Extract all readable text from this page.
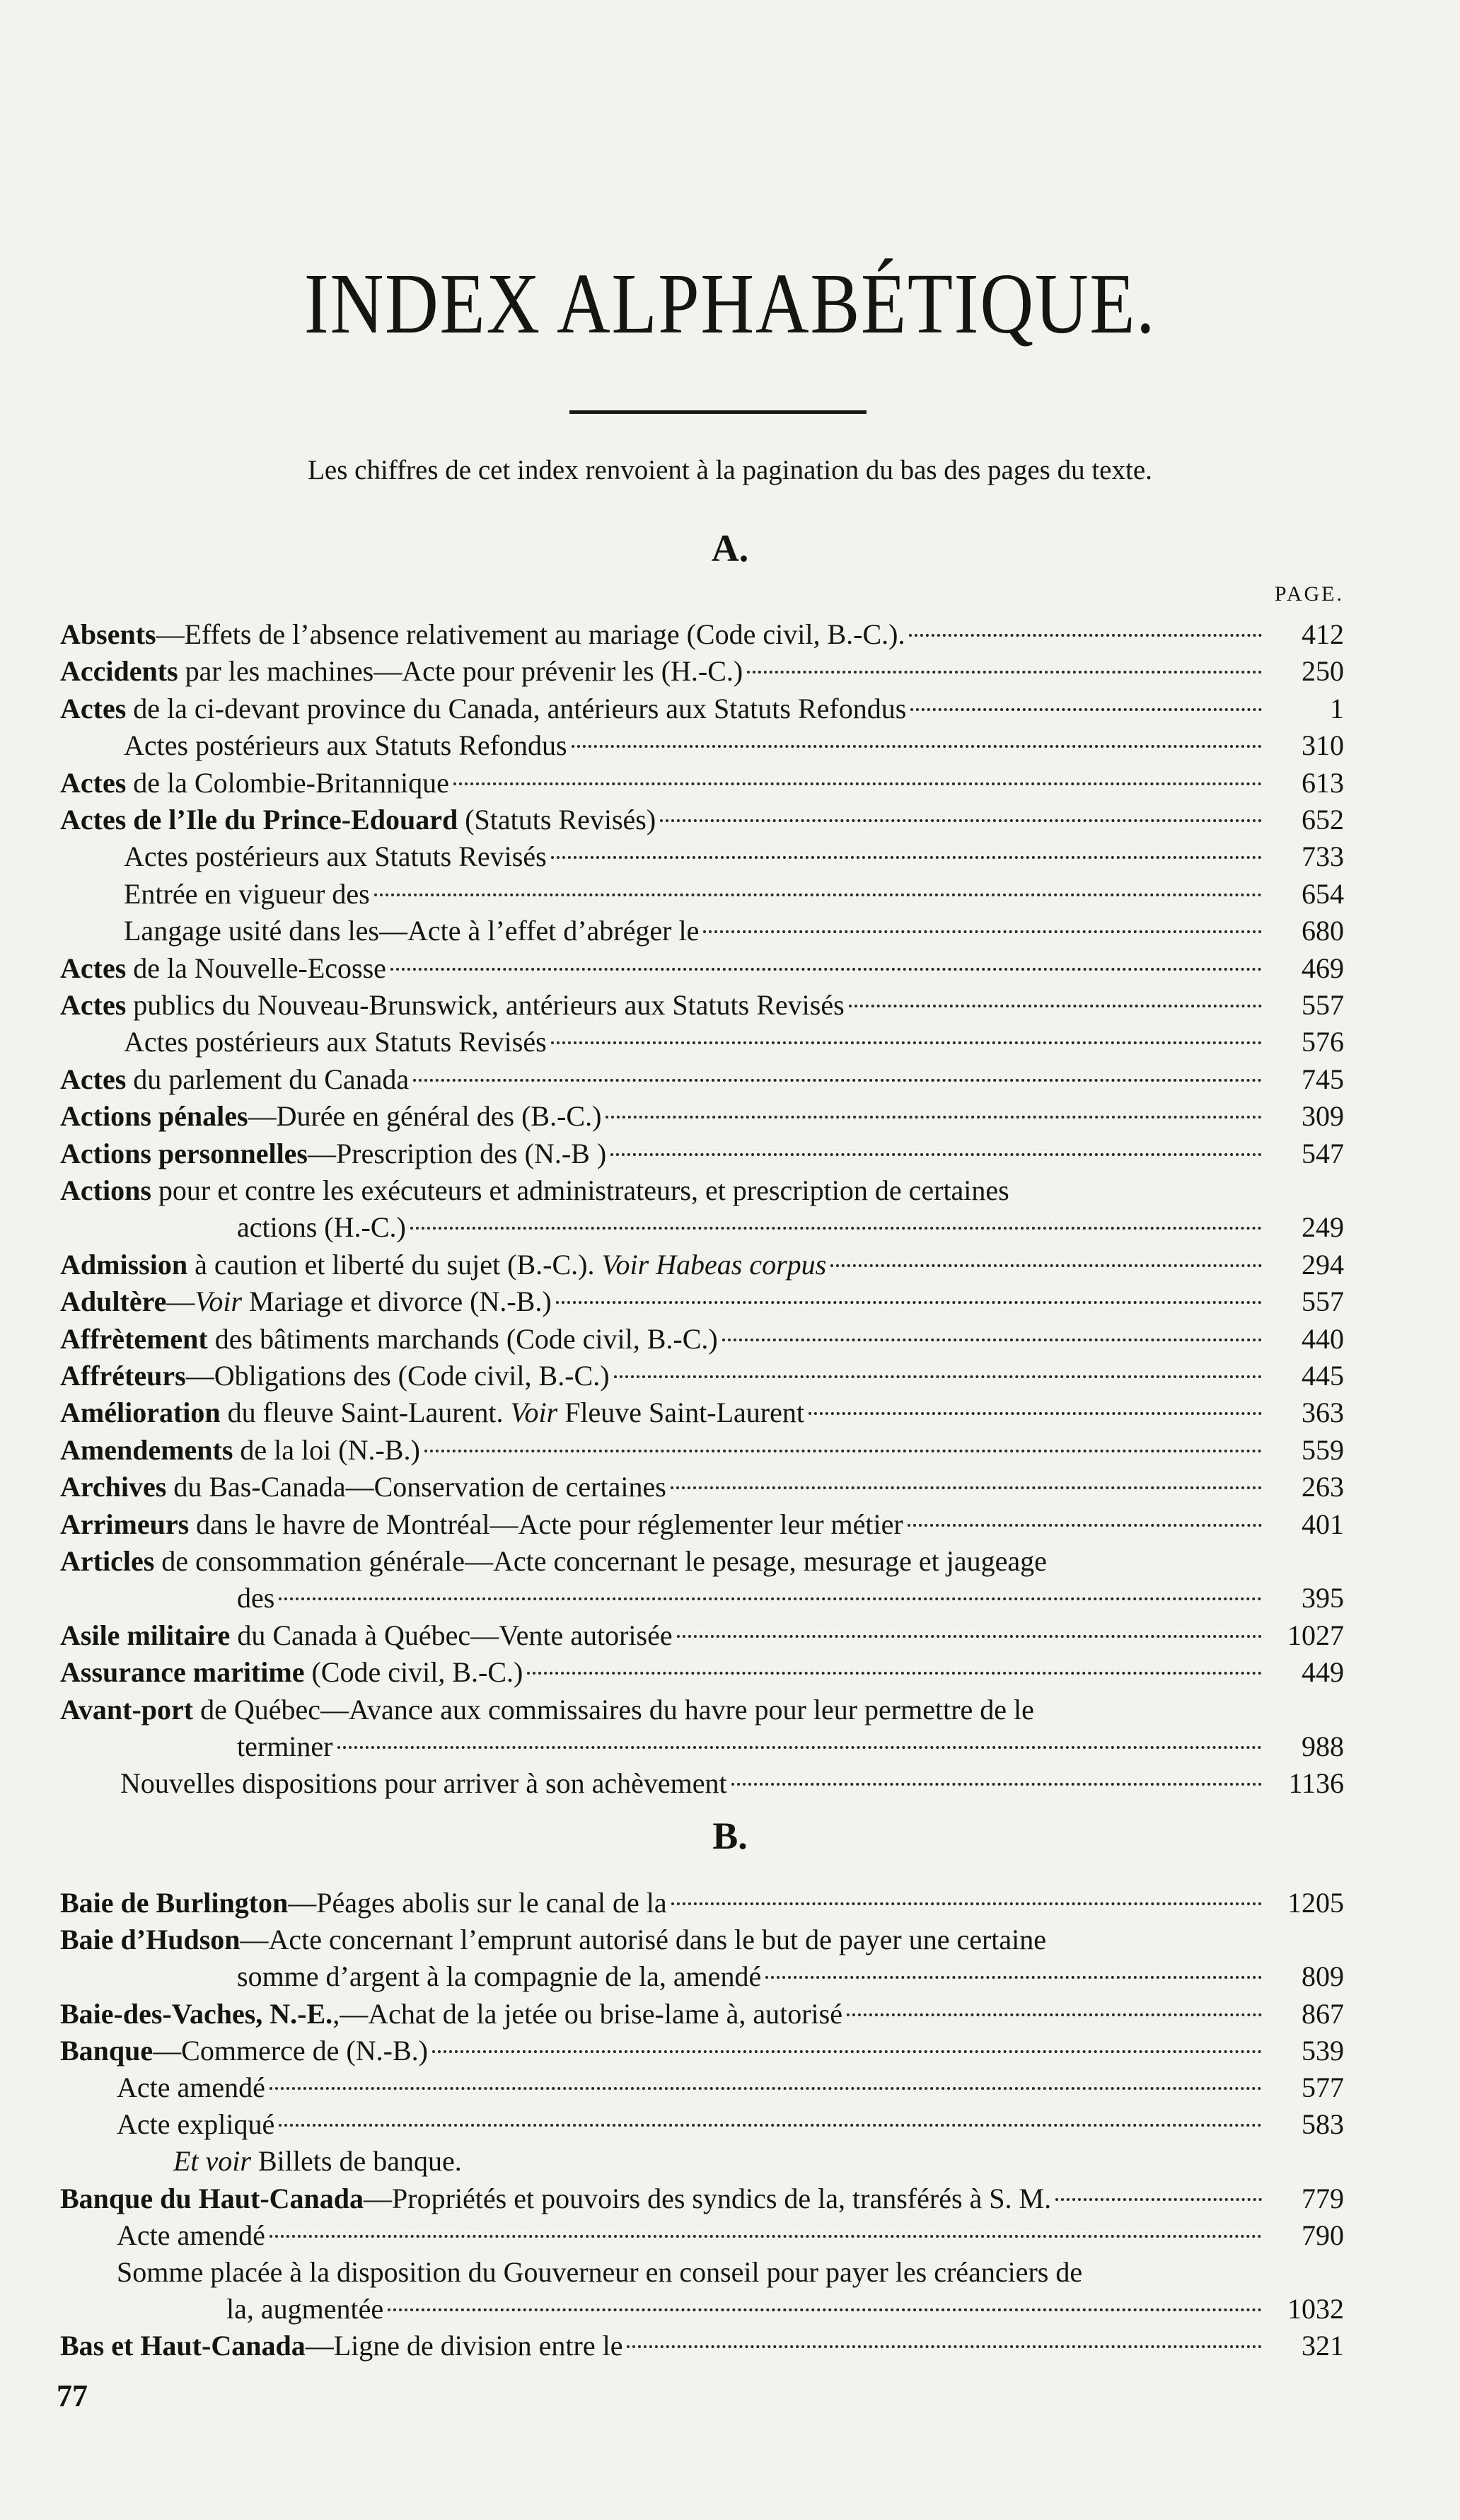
INDEX ALPHABÉTIQUE.
Les chiffres de cet index renvoient à la pagination du bas des pages du texte.
A.
PAGE.
B.
Absents—Effets de l’absence relativement au mariage (Code civil, B.-C.).	412
Accidents par les machines—Acte pour prévenir les (H.-C.)	250
Actes de la ci-devant province du Canada, antérieurs aux Statuts Refondus	1
Actes postérieurs aux Statuts Refondus	310
Actes de la Colombie-Britannique	613
Actes de l’Ile du Prince-Edouard (Statuts Revisés)	652
Actes postérieurs aux Statuts Revisés	733
Entrée en vigueur des	654
Langage usité dans les—Acte à l’effet d’abréger le	680
Actes de la Nouvelle-Ecosse	469
Actes publics du Nouveau-Brunswick, antérieurs aux Statuts Revisés	557
Actes postérieurs aux Statuts Revisés	576
Actes du parlement du Canada	745
Actions pénales—Durée en général des (B.-C.)	309
Actions personnelles—Prescription des (N.-B )	547
Actions pour et contre les exécuteurs et administrateurs, et prescription de certaines
actions (H.-C.)	249
Admission à caution et liberté du sujet (B.-C.). Voir Habeas corpus	294
Adultère—Voir Mariage et divorce (N.-B.)	557
Affrètement des bâtiments marchands (Code civil, B.-C.)	440
Affréteurs—Obligations des (Code civil, B.-C.)	445
Amélioration du fleuve Saint-Laurent. Voir Fleuve Saint-Laurent	363
Amendements de la loi (N.-B.)	559
Archives du Bas-Canada—Conservation de certaines	263
Arrimeurs dans le havre de Montréal—Acte pour réglementer leur métier	401
Articles de consommation générale—Acte concernant le pesage, mesurage et jaugeage
des	395
Asile militaire du Canada à Québec—Vente autorisée	1027
Assurance maritime (Code civil, B.-C.)	449
Avant-port de Québec—Avance aux commissaires du havre pour leur permettre de le
terminer	988
Nouvelles dispositions pour arriver à son achèvement	1136
Baie de Burlington—Péages abolis sur le canal de la	1205
Baie d’Hudson—Acte concernant l’emprunt autorisé dans le but de payer une certaine
somme d’argent à la compagnie de la, amendé	809
Baie-des-Vaches, N.-E.,—Achat de la jetée ou brise-lame à, autorisé	867
Banque—Commerce de (N.-B.)	539
Acte amendé	577
Acte expliqué	583
Et voir Billets de banque.
Banque du Haut-Canada—Propriétés et pouvoirs des syndics de la, transférés à S. M.	779
Acte amendé	790
Somme placée à la disposition du Gouverneur en conseil pour payer les créanciers de
la, augmentée	1032
Bas et Haut-Canada—Ligne de division entre le	321
77
